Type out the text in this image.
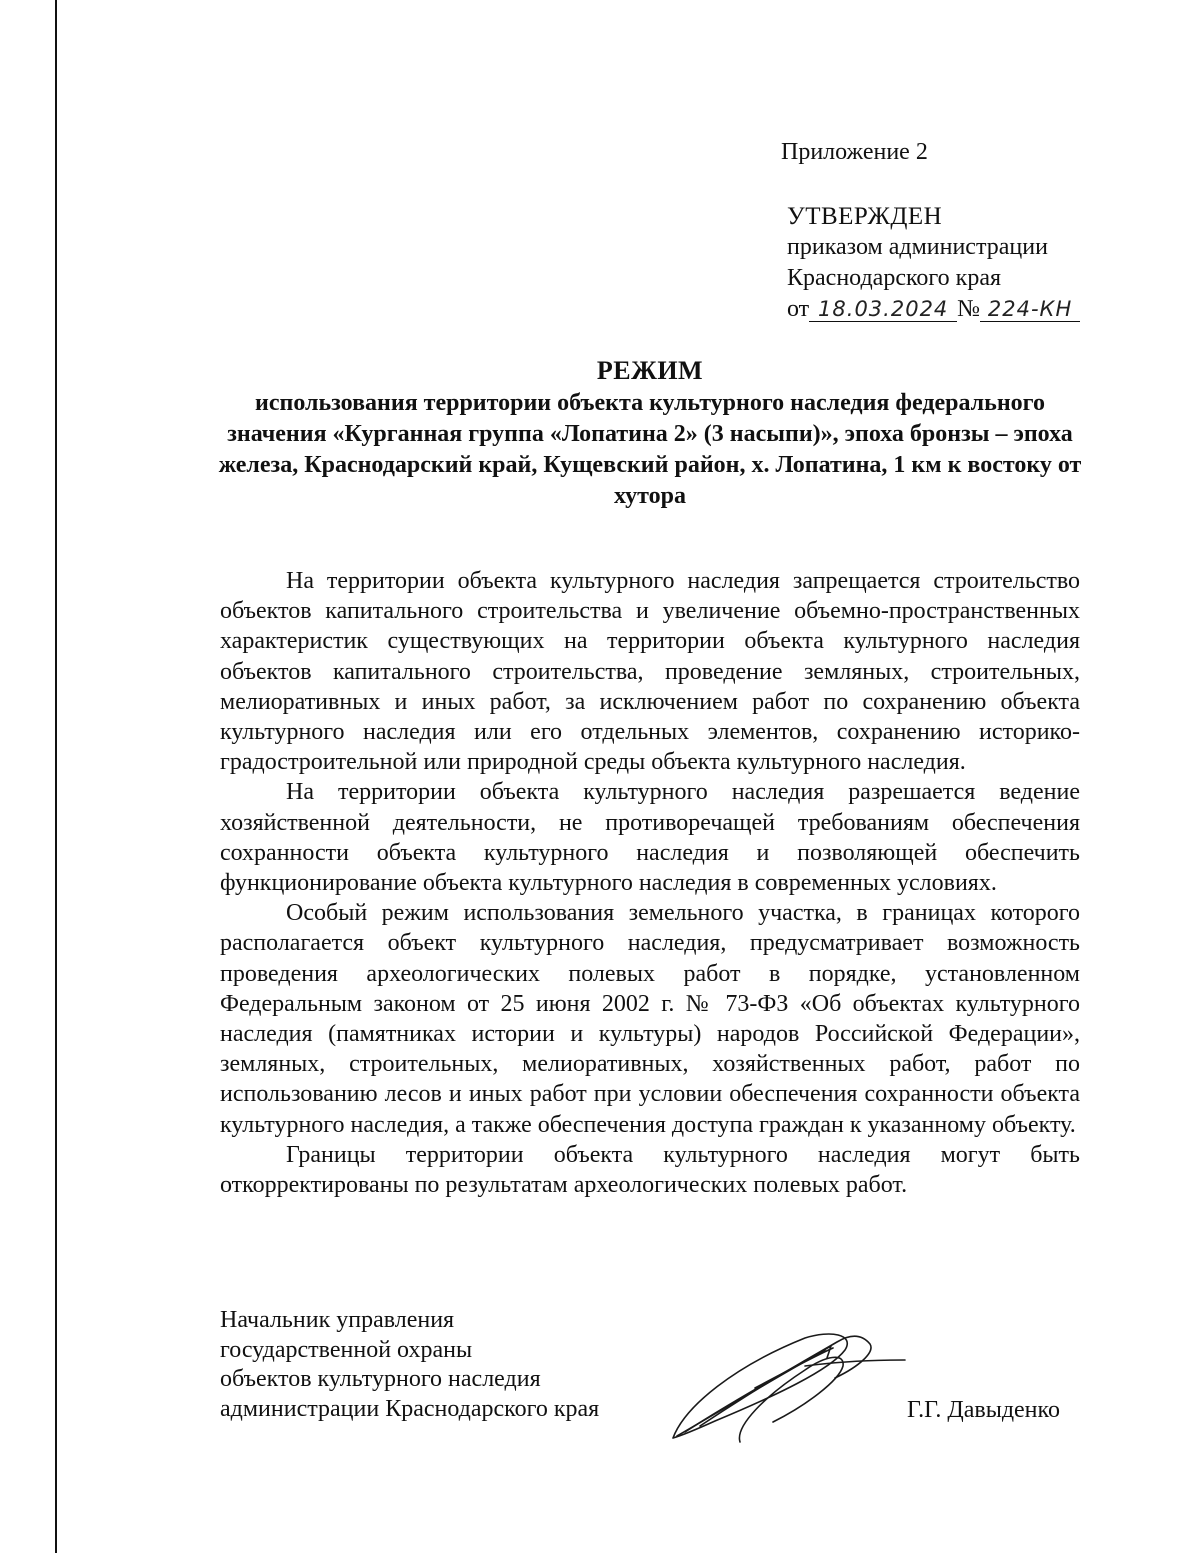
Приложение 2
УТВЕРЖДЕН
приказом администрации
Краснодарского края
от 18.03.2024 № 224-КН
РЕЖИМ
использования территории объекта культурного наследия федерального значения «Курганная группа «Лопатина 2» (3 насыпи)», эпоха бронзы – эпоха железа, Краснодарский край, Кущевский район, х. Лопатина, 1 км к востоку от хутора

На территории объекта культурного наследия запрещается строительство объектов капитального строительства и увеличение объемно-пространственных характеристик существующих на территории объекта культурного наследия объектов капитального строительства, проведение земляных, строительных, мелиоративных и иных работ, за исключением работ по сохранению объекта культурного наследия или его отдельных элементов, сохранению историко-градостроительной или природной среды объекта культурного наследия.

На территории объекта культурного наследия разрешается ведение хозяйственной деятельности, не противоречащей требованиям обеспечения сохранности объекта культурного наследия и позволяющей обеспечить функционирование объекта культурного наследия в современных условиях.

Особый режим использования земельного участка, в границах которого располагается объект культурного наследия, предусматривает возможность проведения археологических полевых работ в порядке, установленном Федеральным законом от 25 июня 2002 г. № 73-ФЗ «Об объектах культурного наследия (памятниках истории и культуры) народов Российской Федерации», земляных, строительных, мелиоративных, хозяйственных работ, работ по использованию лесов и иных работ при условии обеспечения сохранности объекта культурного наследия, а также обеспечения доступа граждан к указанному объекту.

Границы территории объекта культурного наследия могут быть откорректированы по результатам археологических полевых работ.

Начальник управления
государственной охраны
объектов культурного наследия
администрации Краснодарского края	Г.Г. Давыденко
